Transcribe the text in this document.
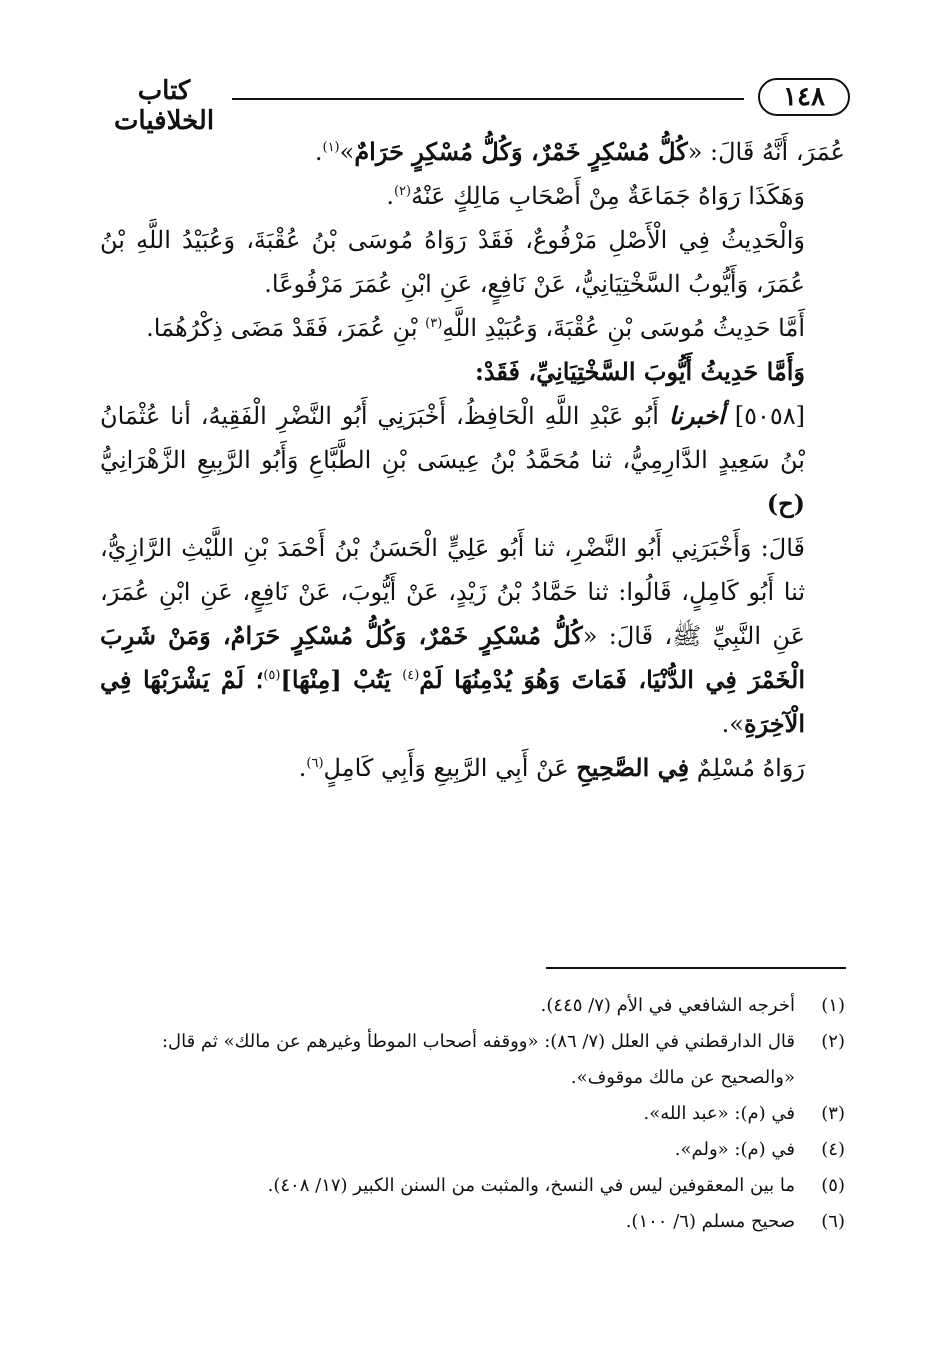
كتاب الخلافيات
١٤٨

عُمَرَ، أَنَّهُ قَالَ: «كُلُّ مُسْكِرٍ خَمْرٌ، وَكُلُّ مُسْكِرٍ حَرَامٌ»$^{(١)}$.

وَهَكَذَا رَوَاهُ جَمَاعَةٌ مِنْ أَصْحَابِ مَالِكٍ عَنْهُ$^{(٢)}$.

وَالْحَدِيثُ فِي الْأَصْلِ مَرْفُوعٌ، فَقَدْ رَوَاهُ مُوسَى بْنُ عُقْبَةَ، وَعُبَيْدُ اللَّهِ بْنُ عُمَرَ، وَأَيُّوبُ السَّخْتِيَانِيُّ، عَنْ نَافِعٍ، عَنِ ابْنِ عُمَرَ مَرْفُوعًا.

أَمَّا حَدِيثُ مُوسَى بْنِ عُقْبَةَ، وَعُبَيْدِ اللَّهِ$^{(٣)}$ بْنِ عُمَرَ، فَقَدْ مَضَى ذِكْرُهُمَا.

وَأَمَّا حَدِيثُ أَيُّوبَ السَّخْتِيَانِيِّ، فَقَدْ:

[٥٠٥٨] أخبرنا أَبُو عَبْدِ اللَّهِ الْحَافِظُ، أَخْبَرَنِي أَبُو النَّضْرِ الْفَقِيهُ، أنا عُثْمَانُ بْنُ سَعِيدٍ الدَّارِمِيُّ، ثنا مُحَمَّدُ بْنُ عِيسَى بْنِ الطَّبَّاعِ وَأَبُو الرَّبِيعِ الزَّهْرَانِيُّ (ح)

قَالَ: وَأَخْبَرَنِي أَبُو النَّضْرِ، ثنا أَبُو عَلِيٍّ الْحَسَنُ بْنُ أَحْمَدَ بْنِ اللَّيْثِ الرَّازِيُّ، ثنا أَبُو كَامِلٍ، قَالُوا: ثنا حَمَّادُ بْنُ زَيْدٍ، عَنْ أَيُّوبَ، عَنْ نَافِعٍ، عَنِ ابْنِ عُمَرَ، عَنِ النَّبِيِّ ﷺ، قَالَ: «كُلُّ مُسْكِرٍ خَمْرٌ، وَكُلُّ مُسْكِرٍ حَرَامٌ، وَمَنْ شَرِبَ الْخَمْرَ فِي الدُّنْيَا، فَمَاتَ وَهُوَ يُدْمِنُهَا لَمْ$^{(٤)}$ يَتُبْ [مِنْهَا]$^{(٥)}$؛ لَمْ يَشْرَبْهَا فِي الْآخِرَةِ».

رَوَاهُ مُسْلِمٌ فِي الصَّحِيحِ عَنْ أَبِي الرَّبِيعِ وَأَبِي كَامِلٍ$^{(٦)}$.

(١)
أخرجه الشافعي في الأم (٧/ ٤٤٥).

(٢)
قال الدارقطني في العلل (٧/ ٨٦): «ووقفه أصحاب الموطأ وغيرهم عن مالك» ثم قال: «والصحيح عن مالك موقوف».

(٣)
في (م): «عبد الله».

(٤)
في (م): «ولم».

(٥)
ما بين المعقوفين ليس في النسخ، والمثبت من السنن الكبير (١٧/ ٤٠٨).

(٦)
صحيح مسلم (٦/ ١٠٠).
